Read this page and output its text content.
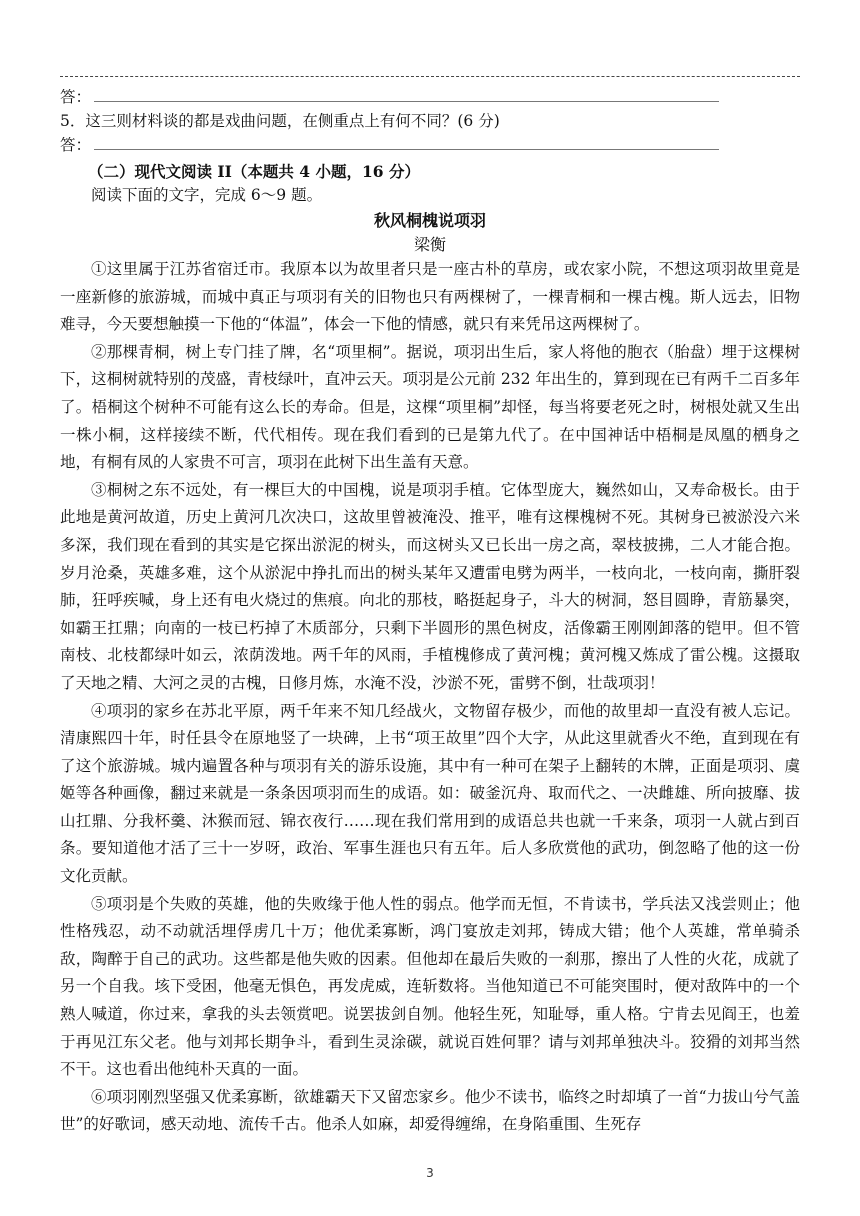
答：
5．这三则材料谈的都是戏曲问题，在侧重点上有何不同？(6 分)
答：
（二）现代文阅读 II（本题共 4 小题，16 分）
阅读下面的文字，完成 6～9 题。
秋风桐槐说项羽
梁衡

①这里属于江苏省宿迁市。我原本以为故里者只是一座古朴的草房，或农家小院，不想这项羽故里竟是一座新修的旅游城，而城中真正与项羽有关的旧物也只有两棵树了，一棵青桐和一棵古槐。斯人远去，旧物难寻，今天要想触摸一下他的“体温”，体会一下他的情感，就只有来凭吊这两棵树了。

②那棵青桐，树上专门挂了牌，名“项里桐”。据说，项羽出生后，家人将他的胞衣（胎盘）埋于这棵树下，这桐树就特别的茂盛，青枝绿叶，直冲云天。项羽是公元前 232 年出生的，算到现在已有两千二百多年了。梧桐这个树种不可能有这么长的寿命。但是，这棵“项里桐”却怪，每当将要老死之时，树根处就又生出一株小桐，这样接续不断，代代相传。现在我们看到的已是第九代了。在中国神话中梧桐是凤凰的栖身之地，有桐有凤的人家贵不可言，项羽在此树下出生盖有天意。

③桐树之东不远处，有一棵巨大的中国槐，说是项羽手植。它体型庞大，巍然如山，又寿命极长。由于此地是黄河故道，历史上黄河几次决口，这故里曾被淹没、推平，唯有这棵槐树不死。其树身已被淤没六米多深，我们现在看到的其实是它探出淤泥的树头，而这树头又已长出一房之高，翠枝披拂，二人才能合抱。岁月沧桑，英雄多难，这个从淤泥中挣扎而出的树头某年又遭雷电劈为两半，一枝向北，一枝向南，撕肝裂肺，狂呼疾喊，身上还有电火烧过的焦痕。向北的那枝，略挺起身子，斗大的树洞，怒目圆睁，青筋暴突，如霸王扛鼎；向南的一枝已朽掉了木质部分，只剩下半圆形的黑色树皮，活像霸王刚刚卸落的铠甲。但不管南枝、北枝都绿叶如云，浓荫泼地。两千年的风雨，手植槐修成了黄河槐；黄河槐又炼成了雷公槐。这摄取了天地之精、大河之灵的古槐，日修月炼，水淹不没，沙淤不死，雷劈不倒，壮哉项羽！

④项羽的家乡在苏北平原，两千年来不知几经战火，文物留存极少，而他的故里却一直没有被人忘记。清康熙四十年，时任县令在原地竖了一块碑，上书“项王故里”四个大字，从此这里就香火不绝，直到现在有了这个旅游城。城内遍置各种与项羽有关的游乐设施，其中有一种可在架子上翻转的木牌，正面是项羽、虞姬等各种画像，翻过来就是一条条因项羽而生的成语。如：破釜沉舟、取而代之、一决雌雄、所向披靡、拔山扛鼎、分我杯羹、沐猴而冠、锦衣夜行……现在我们常用到的成语总共也就一千来条，项羽一人就占到百条。要知道他才活了三十一岁呀，政治、军事生涯也只有五年。后人多欣赏他的武功，倒忽略了他的这一份文化贡献。

⑤项羽是个失败的英雄，他的失败缘于他人性的弱点。他学而无恒，不肯读书，学兵法又浅尝则止；他性格残忍，动不动就活埋俘虏几十万；他优柔寡断，鸿门宴放走刘邦，铸成大错；他个人英雄，常单骑杀敌，陶醉于自己的武功。这些都是他失败的因素。但他却在最后失败的一刹那，擦出了人性的火花，成就了另一个自我。垓下受困，他毫无惧色，再发虎威，连斩数将。当他知道已不可能突围时，便对敌阵中的一个熟人喊道，你过来，拿我的头去领赏吧。说罢拔剑自刎。他轻生死，知耻辱，重人格。宁肯去见阎王，也羞于再见江东父老。他与刘邦长期争斗，看到生灵涂碳，就说百姓何罪？请与刘邦单独决斗。狡猾的刘邦当然不干。这也看出他纯朴天真的一面。

⑥项羽刚烈坚强又优柔寡断，欲雄霸天下又留恋家乡。他少不读书，临终之时却填了一首“力拔山兮气盖世”的好歌词，感天动地、流传千古。他杀人如麻，却爱得缠绵，在身陷重围、生死存

3
